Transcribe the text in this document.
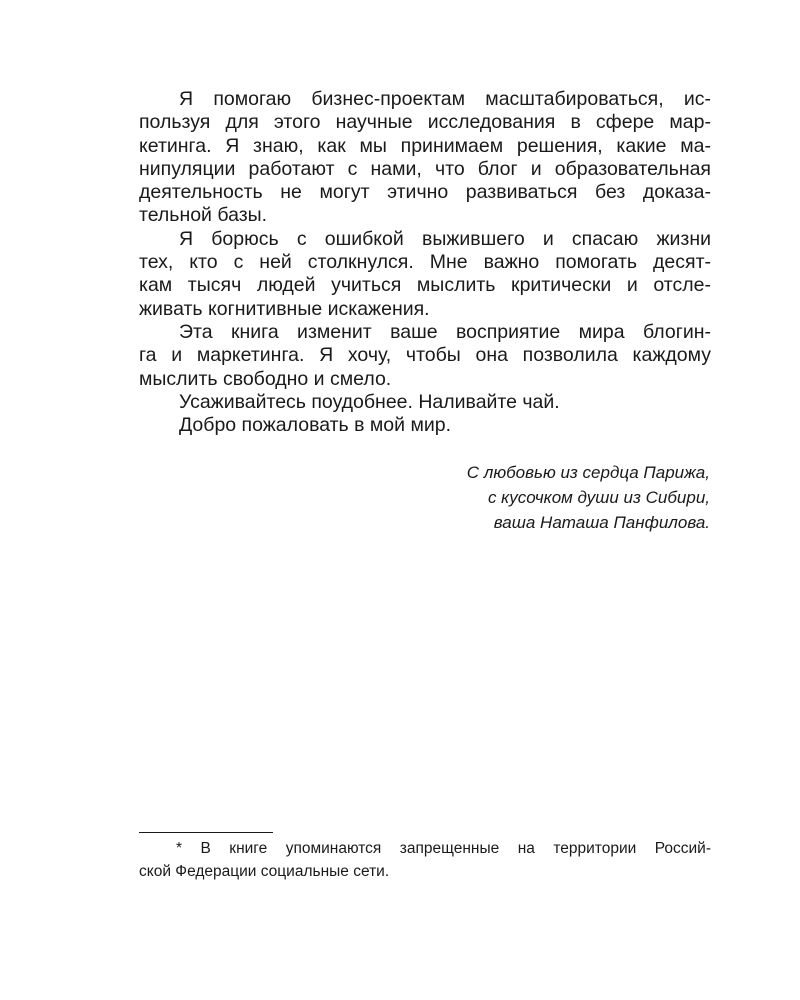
Я помогаю бизнес-проектам масштабироваться, ис-
пользуя для этого научные исследования в сфере мар-
кетинга. Я знаю, как мы принимаем решения, какие ма-
нипуляции работают с нами, что блог и образовательная
деятельность не могут этично развиваться без доказа-
тельной базы.
Я борюсь с ошибкой выжившего и спасаю жизни
тех, кто с ней столкнулся. Мне важно помогать десят-
кам тысяч людей учиться мыслить критически и отсле-
живать когнитивные искажения.
Эта книга изменит ваше восприятие мира блогин-
га и маркетинга. Я хочу, чтобы она позволила каждому
мыслить свободно и смело.
Усаживайтесь поудобнее. Наливайте чай.
Добро пожаловать в мой мир.
С любовью из сердца Парижа,
с кусочком души из Сибири,
ваша Наташа Панфилова.
* В книге упоминаются запрещенные на территории Россий-
ской Федерации социальные сети.
